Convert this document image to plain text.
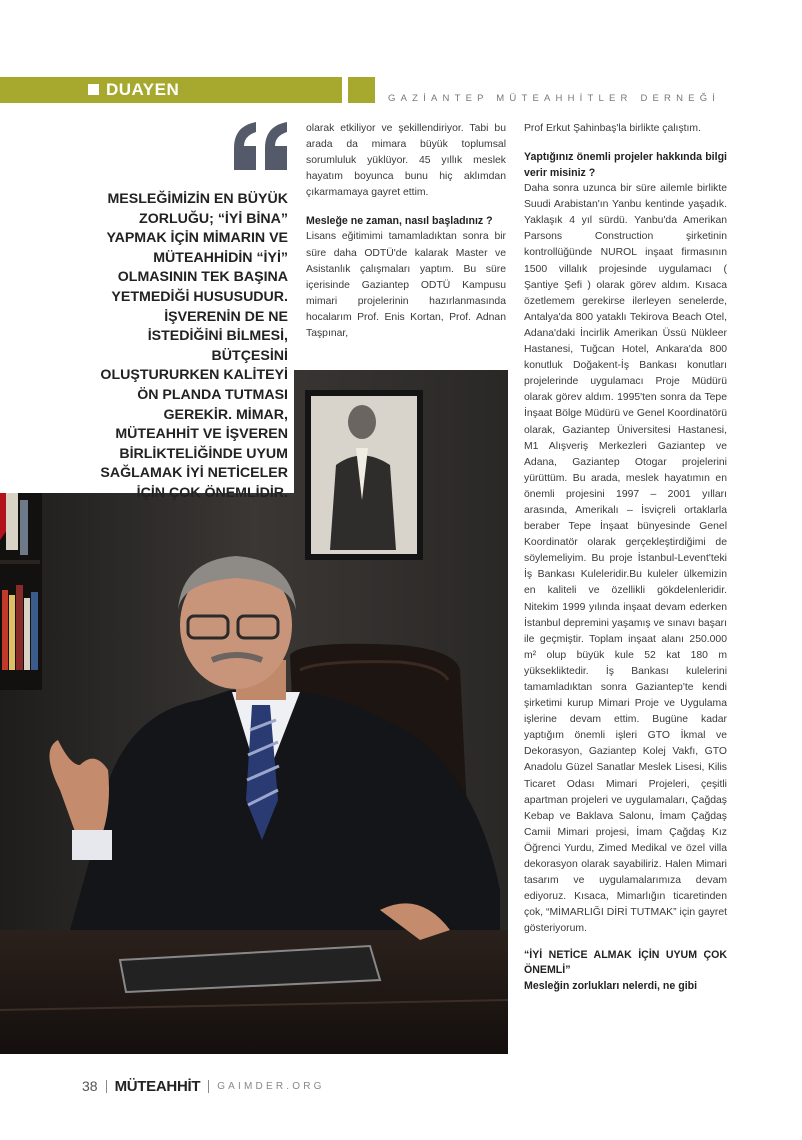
DUAYEN	GAZİANTEP MÜTEAHHİTLER DERNEĞİ
MESLEĞİMİZİN EN BÜYÜK ZORLUĞU; “İYİ BİNA” YAPMAK İÇİN MİMARIN VE MÜTEAHHİDİN “İYİ” OLMASININ TEK BAŞINA YETMEDİĞİ HUSUSUDUR. İŞVERENİN DE NE İSTEDİĞİNİ BİLMESİ, BÜTÇESİNİ OLUŞTURURKEN KALİTEYİ ÖN PLANDA TUTMASI GEREKİR. MİMAR, MÜTEAHHİT VE İŞVEREN BİRLİKTELİĞİNDE UYUM SAĞLAMAK İYİ NETİCELER İÇİN ÇOK ÖNEMLİDİR.

olarak etkiliyor ve şekillendiriyor. Tabi bu arada da mimara büyük toplumsal sorumluluk yüklüyor. 45 yıllık meslek hayatım boyunca bunu hiç aklımdan çıkarmamaya gayret ettim.

Mesleğe ne zaman, nasıl başladınız ?

Lisans eğitimimi tamamladıktan sonra bir süre daha ODTÜ'de kalarak Master ve Asistanlık çalışmaları yaptım. Bu süre içerisinde Gaziantep ODTÜ Kampusu mimari projelerinin hazırlanmasında hocalarım Prof. Enis Kortan, Prof. Adnan Taşpınar,

Prof Erkut Şahinbaş'la birlikte çalıştım.

Yaptığınız önemli projeler hakkında bilgi verir misiniz ?

Daha sonra uzunca bir süre ailemle birlikte Suudi Arabistan'ın Yanbu kentinde yaşadık. Yaklaşık 4 yıl sürdü. Yanbu'da Amerikan Parsons Construction şirketinin kontrollüğünde NUROL inşaat firmasının 1500 villalık projesinde uygulamacı ( Şantiye Şefi ) olarak görev aldım. Kısaca özetlemem gerekirse ilerleyen senelerde, Antalya'da 800 yataklı Tekirova Beach Otel, Adana'daki İncirlik Amerikan Üssü Nükleer Hastanesi, Tuğcan Hotel, Ankara'da 800 konutluk Doğakent-İş Bankası konutları projelerinde uygulamacı Proje Müdürü olarak görev aldım. 1995'ten sonra da Tepe İnşaat Bölge Müdürü ve Genel Koordinatörü olarak, Gaziantep Üniversitesi Hastanesi, M1 Alışveriş Merkezleri Gaziantep ve Adana, Gaziantep Otogar projelerini yürüttüm. Bu arada, meslek hayatımın en önemli projesini 1997 – 2001 yılları arasında, Amerikalı – İsviçreli ortaklarla beraber Tepe İnşaat bünyesinde Genel Koordinatör olarak gerçekleştirdiğimi de söylemeliyim. Bu proje İstanbul-Levent'teki İş Bankası Kuleleridir.Bu kuleler ülkemizin en kaliteli ve özellikli gökdelenleridir. Nitekim 1999 yılında inşaat devam ederken İstanbul depremini yaşamış ve sınavı başarı ile geçmiştir. Toplam inşaat alanı 250.000 m² olup büyük kule 52 kat 180 m yüksekliktedir. İş Bankası kulelerini tamamladıktan sonra Gaziantep'te kendi şirketimi kurup Mimari Proje ve Uygulama işlerine devam ettim. Bugüne kadar yaptığım önemli işleri GTO İkmal ve Dekorasyon, Gaziantep Kolej Vakfı, GTO Anadolu Güzel Sanatlar Meslek Lisesi, Kilis Ticaret Odası Mimari Projeleri, çeşitli apartman projeleri ve uygulamaları, Çağdaş Kebap ve Baklava Salonu, İmam Çağdaş Camii Mimari projesi, İmam Çağdaş Kız Öğrenci Yurdu, Zimed Medikal ve özel villa dekorasyon olarak sayabiliriz. Halen Mimari tasarım ve uygulamalarımıza devam ediyoruz. Kısaca, Mimarlığın ticaretinden çok, “MİMARLIĞI DİRİ TUTMAK” için gayret gösteriyorum.

“İYİ NETİCE ALMAK İÇİN UYUM ÇOK ÖNEMLİ”
Mesleğin zorlukları nelerdi, ne gibi
38 MÜTEAHHİT GAIMDER.ORG
